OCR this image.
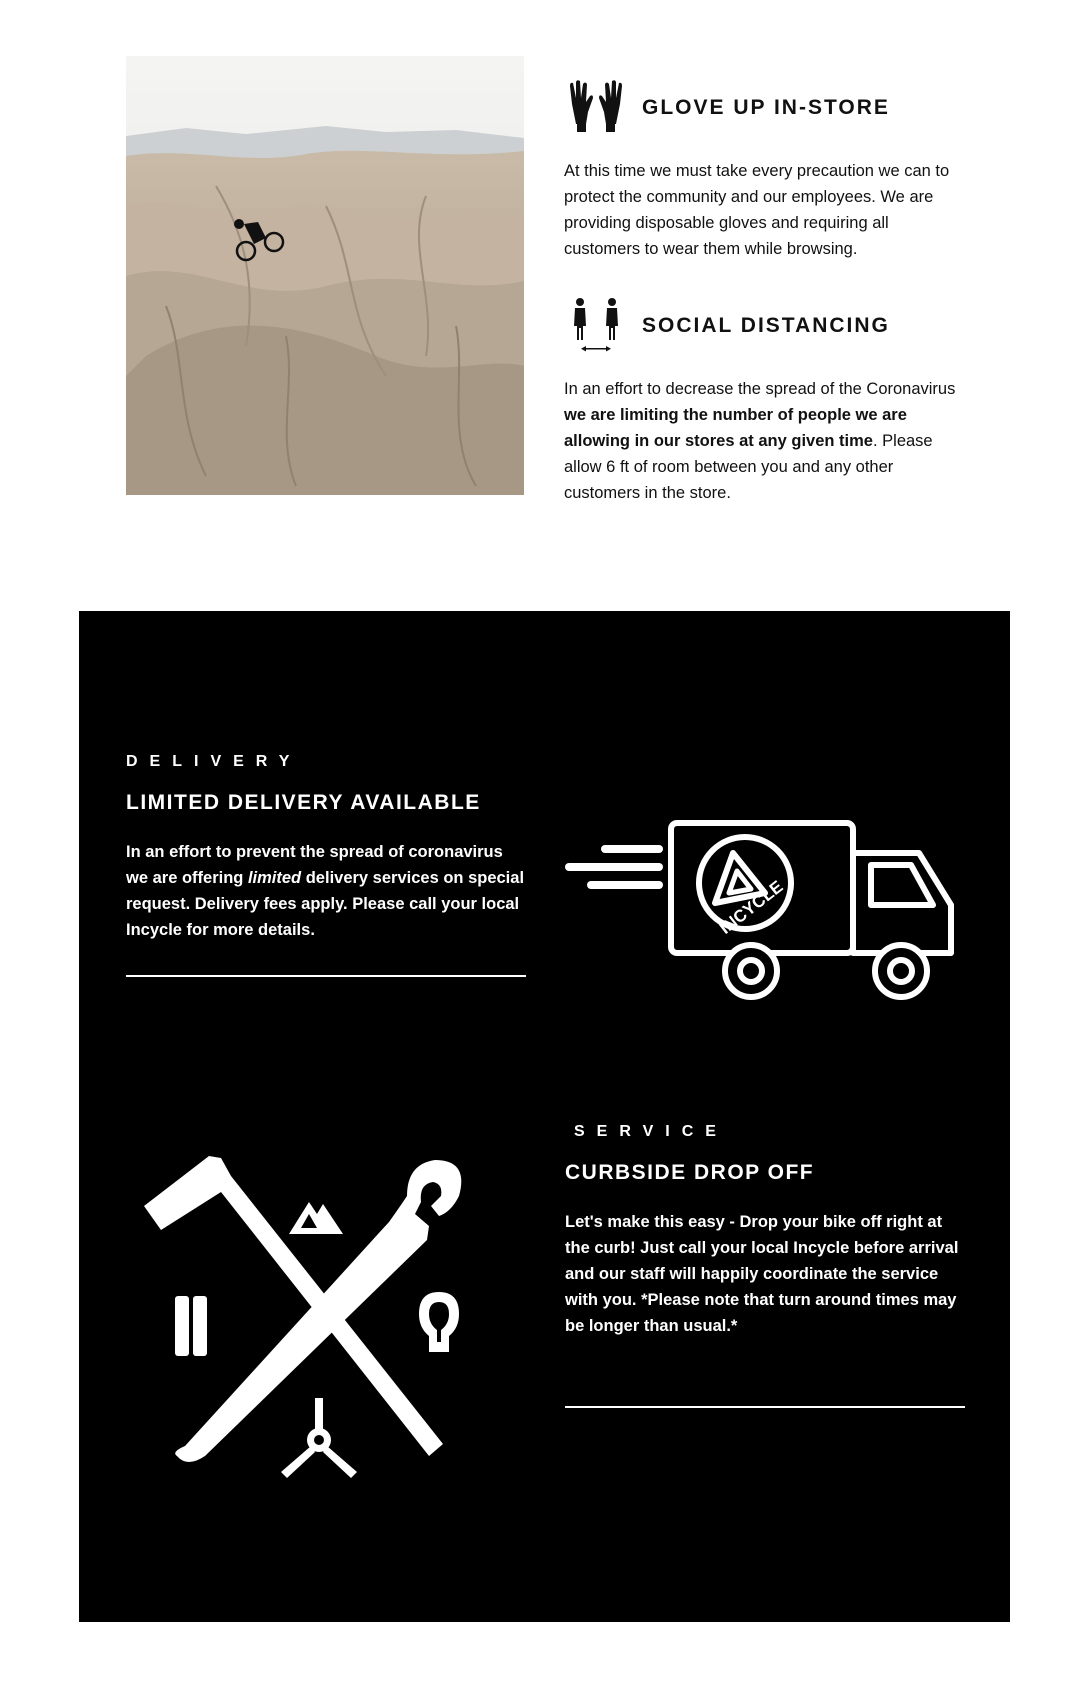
GLOVE UP IN-STORE
At this time we must take every precaution we can to protect the community and our employees. We are providing disposable gloves and requiring all customers to wear them while browsing.
SOCIAL DISTANCING
In an effort to decrease the spread of the Coronavirus we are limiting the number of people we are allowing in our stores at any given time. Please allow 6 ft of room between you and any other customers in the store.
DELIVERY
LIMITED DELIVERY AVAILABLE
In an effort to prevent the spread of coronavirus we are offering limited delivery services on special request. Delivery fees apply. Please call your local Incycle for more details.	INCYCLE
SERVICE
CURBSIDE DROP OFF
Let's make this easy - Drop your bike off right at the curb! Just call your local Incycle before arrival and our staff will happily coordinate the service with you. *Please note that turn around times may be longer than usual.*
